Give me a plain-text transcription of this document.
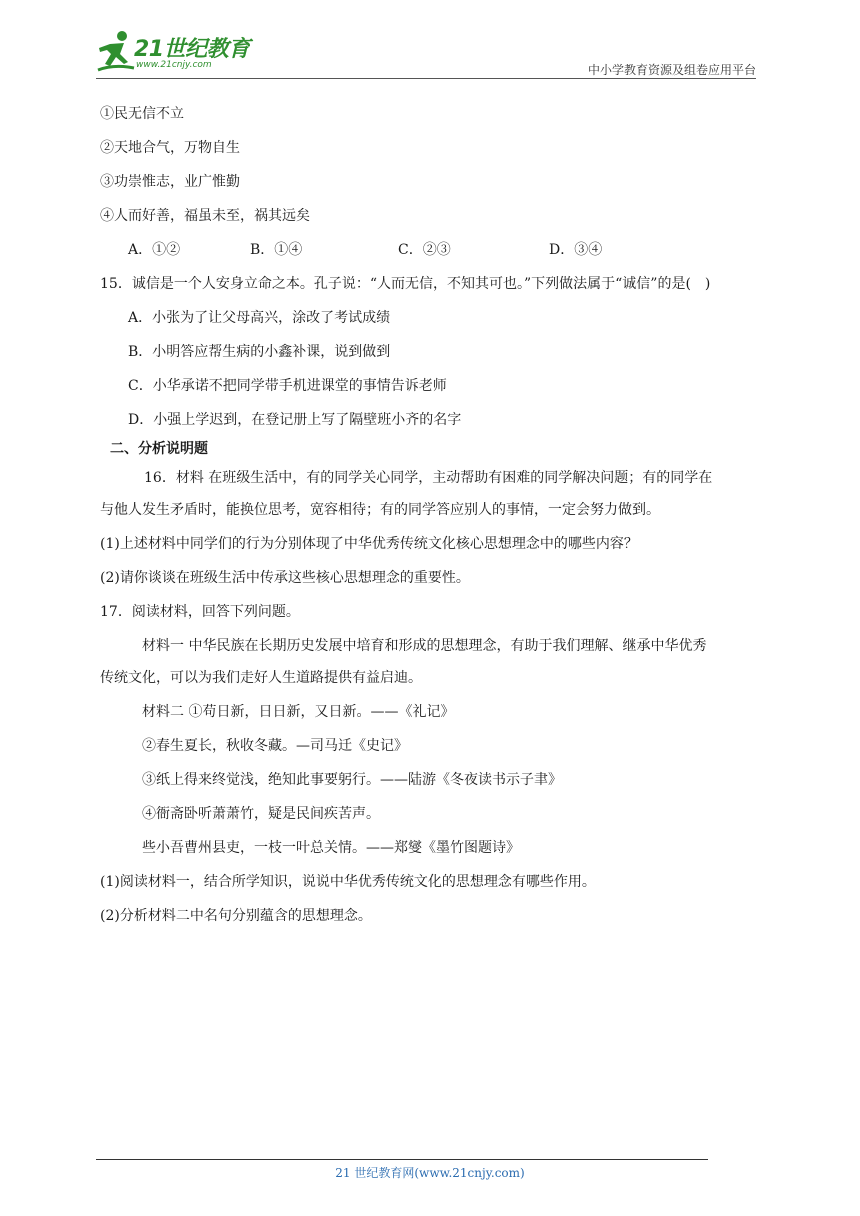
21世纪教育
www.21cnjy.com	中小学教育资源及组卷应用平台
①民无信不立
②天地合气，万物自生
③功崇惟志，业广惟勤
④人而好善，福虽未至，祸其远矣
A．①②	B．①④	C．②③	D．③④
15．诚信是一个人安身立命之本。孔子说：“人而无信，不知其可也。”下列做法属于“诚信”的是(　)
A．小张为了让父母高兴，涂改了考试成绩
B．小明答应帮生病的小鑫补课，说到做到
C．小华承诺不把同学带手机进课堂的事情告诉老师
D．小强上学迟到，在登记册上写了隔壁班小齐的名字
二、分析说明题
16．材料 在班级生活中，有的同学关心同学，主动帮助有困难的同学解决问题；有的同学在
与他人发生矛盾时，能换位思考，宽容相待；有的同学答应别人的事情，一定会努力做到。
(1)上述材料中同学们的行为分别体现了中华优秀传统文化核心思想理念中的哪些内容？
(2)请你谈谈在班级生活中传承这些核心思想理念的重要性。
17．阅读材料，回答下列问题。
材料一 中华民族在长期历史发展中培育和形成的思想理念，有助于我们理解、继承中华优秀
传统文化，可以为我们走好人生道路提供有益启迪。
材料二 ①苟日新，日日新，又日新。——《礼记》
②春生夏长，秋收冬藏。—司马迁《史记》
③纸上得来终觉浅，绝知此事要躬行。——陆游《冬夜读书示子聿》
④衙斋卧听萧萧竹，疑是民间疾苦声。
些小吾曹州县吏，一枝一叶总关情。——郑燮《墨竹图题诗》
(1)阅读材料一，结合所学知识，说说中华优秀传统文化的思想理念有哪些作用。
(2)分析材料二中名句分别蕴含的思想理念。
21 世纪教育网(www.21cnjy.com)
